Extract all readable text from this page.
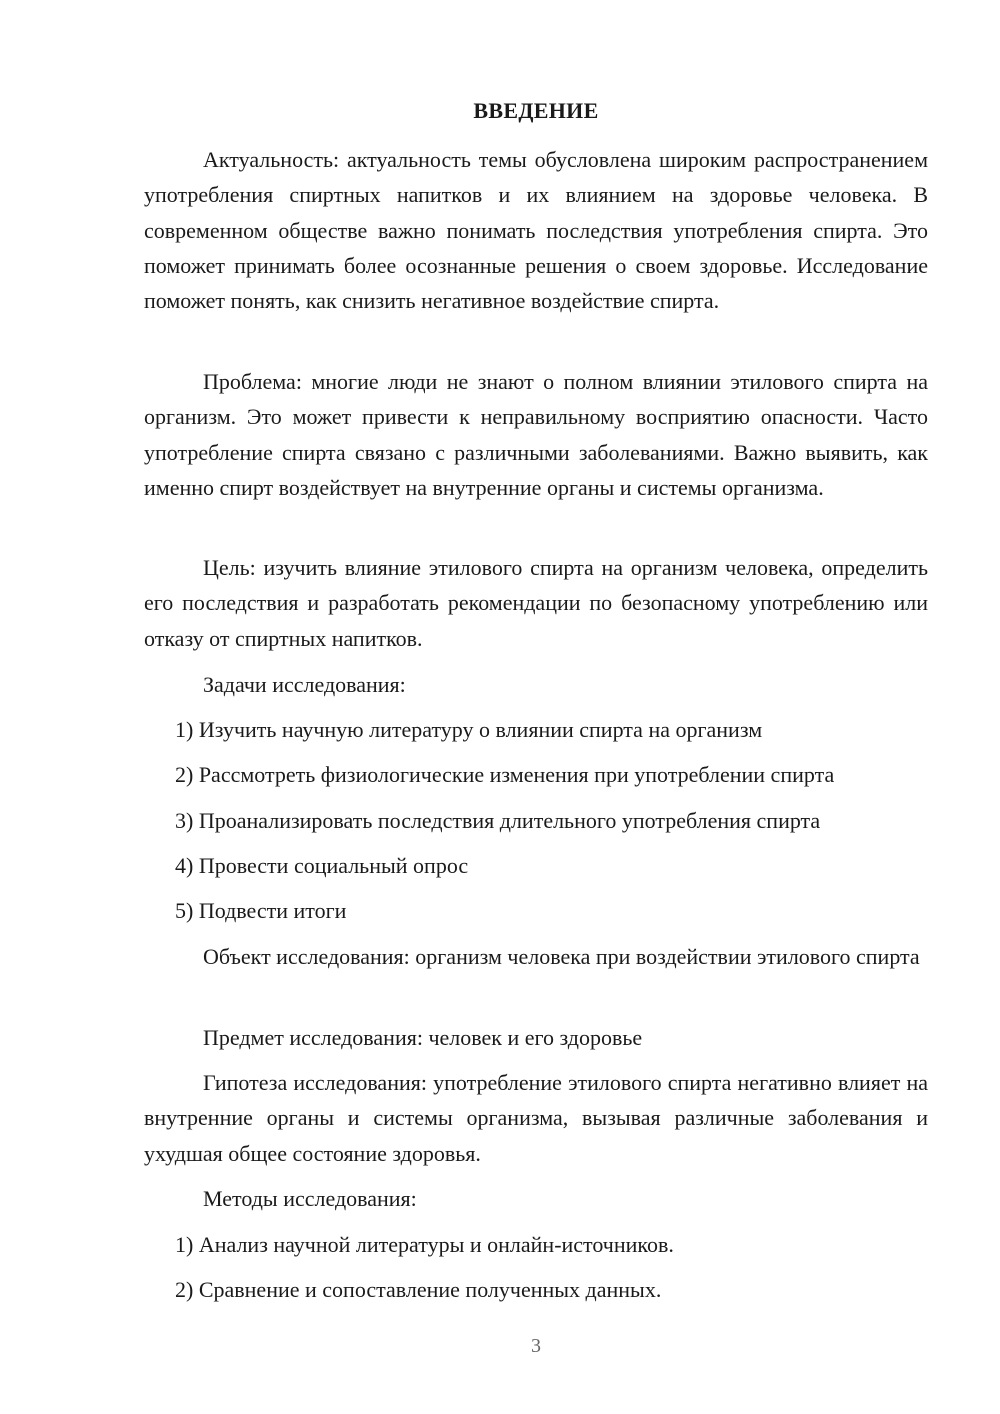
ВВЕДЕНИЕ

Актуальность: актуальность темы обусловлена широким распространением употребления спиртных напитков и их влиянием на здоровье человека. В современном обществе важно понимать последствия употребления спирта. Это поможет принимать более осознанные решения о своем здоровье. Исследование поможет понять, как снизить негативное воздействие спирта.

Проблема: многие люди не знают о полном влиянии этилового спирта на организм. Это может привести к неправильному восприятию опасности. Часто употребление спирта связано с различными заболеваниями. Важно выявить, как именно спирт воздействует на внутренние органы и системы организма.

Цель: изучить влияние этилового спирта на организм человека, определить его последствия и разработать рекомендации по безопасному употреблению или отказу от спиртных напитков.

Задачи исследования:

1) Изучить научную литературу о влиянии спирта на организм

2) Рассмотреть физиологические изменения при употреблении спирта

3) Проанализировать последствия длительного употребления спирта

4) Провести социальный опрос

5) Подвести итоги

Объект исследования: организм человека при воздействии этилового спирта

Предмет исследования: человек и его здоровье

Гипотеза исследования: употребление этилового спирта негативно влияет на внутренние органы и системы организма, вызывая различные заболевания и ухудшая общее состояние здоровья.

Методы исследования:

1) Анализ научной литературы и онлайн-источников.

2) Сравнение и сопоставление полученных данных.

3
